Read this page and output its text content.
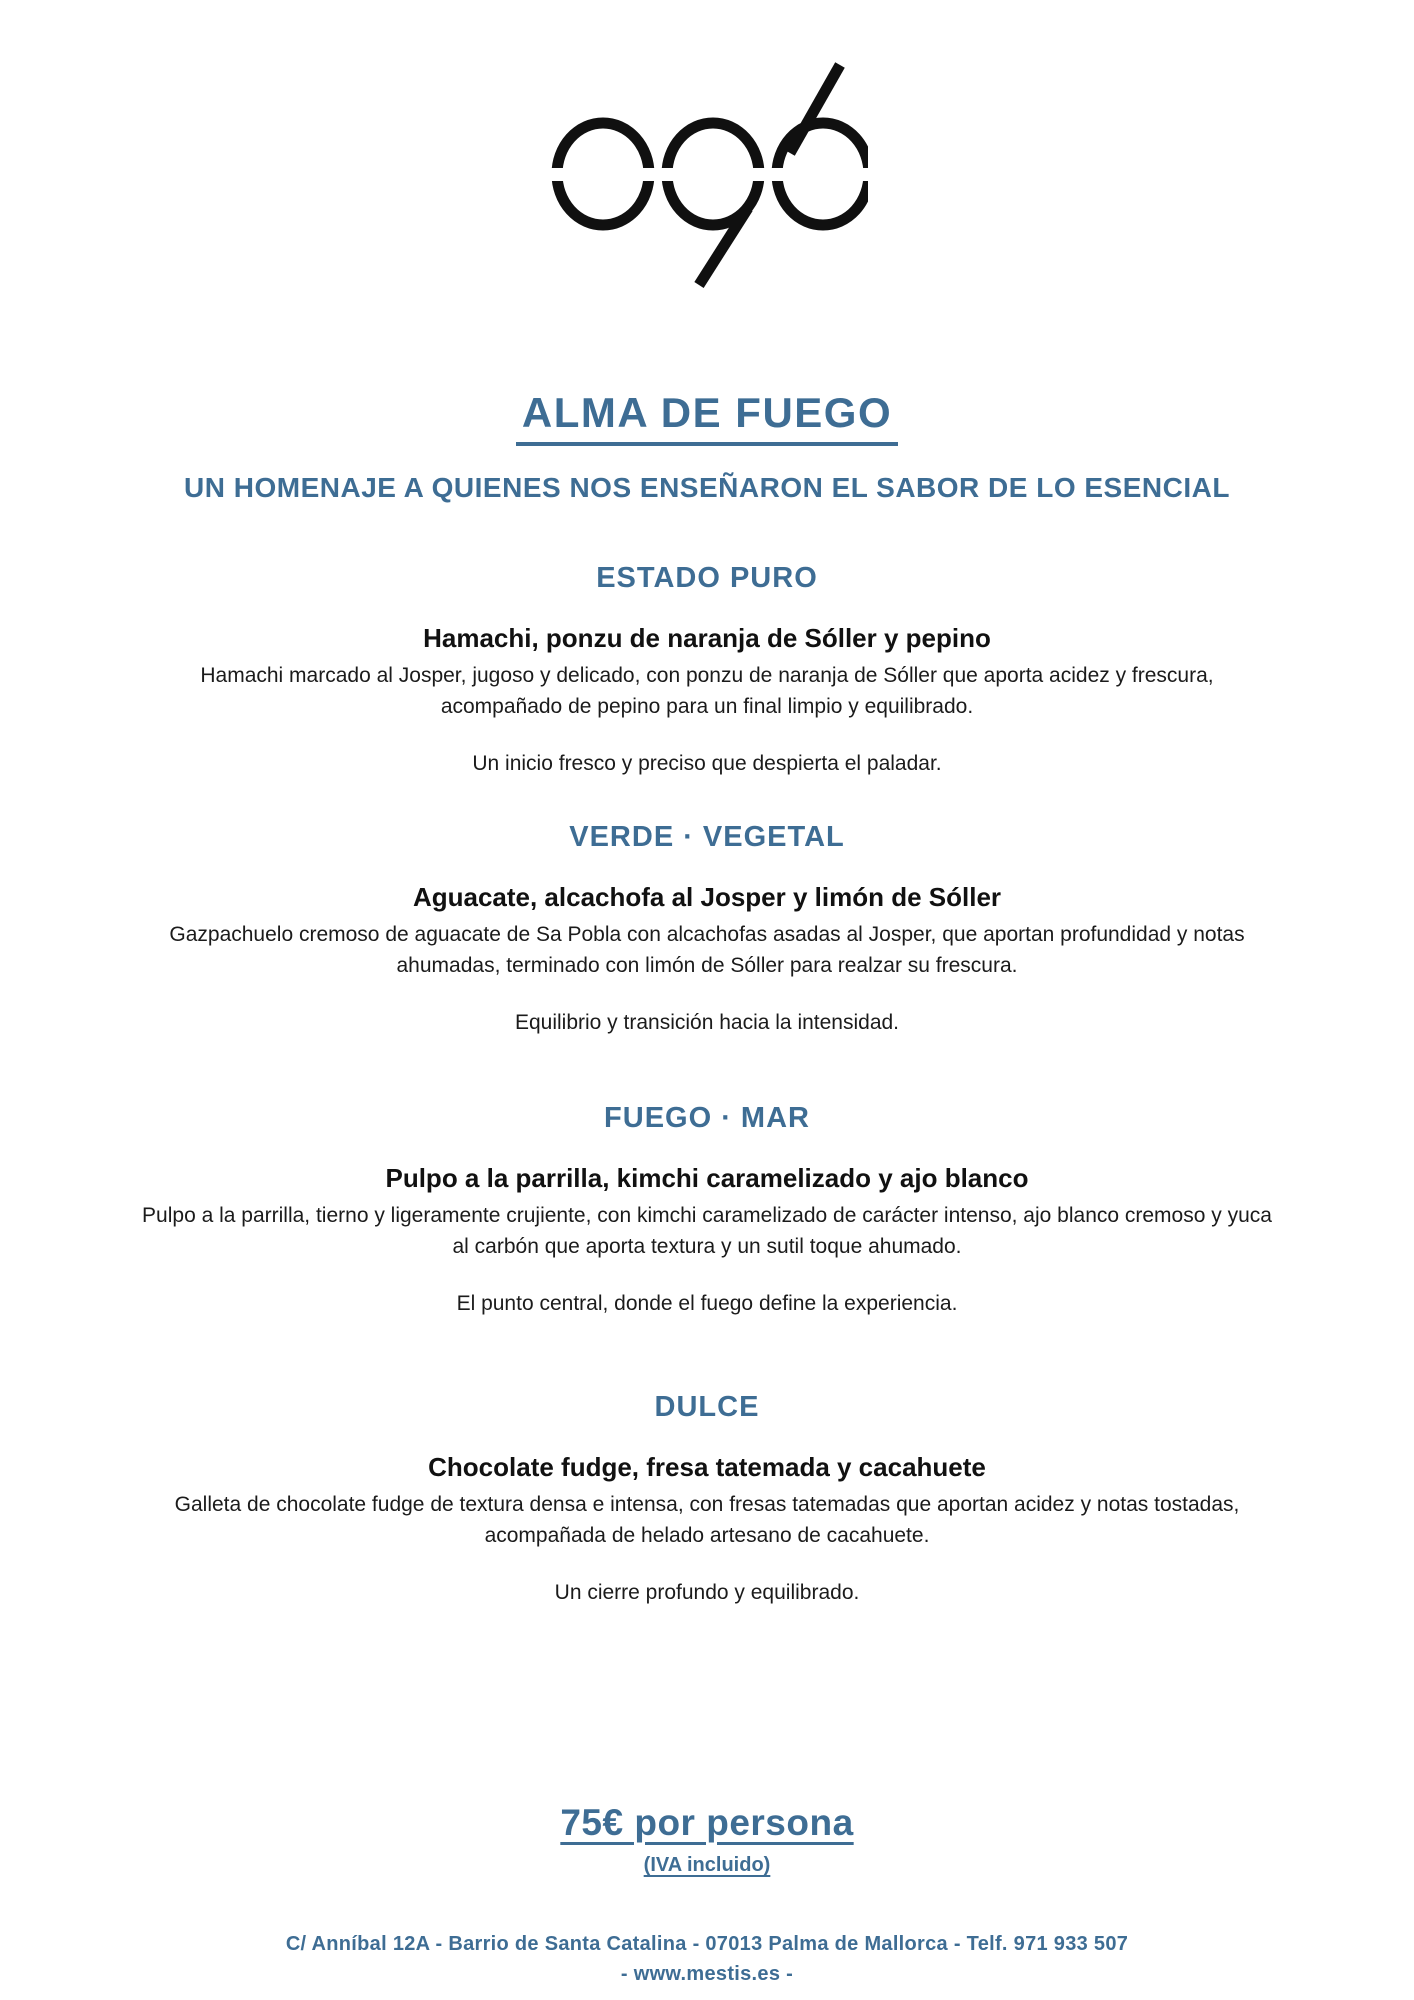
ALMA DE FUEGO
UN HOMENAJE A QUIENES NOS ENSEÑARON EL SABOR DE LO ESENCIAL
ESTADO PURO
Hamachi, ponzu de naranja de Sóller y pepino
Hamachi marcado al Josper, jugoso y delicado, con ponzu de naranja de Sóller que aporta acidez y frescura, acompañado de pepino para un final limpio y equilibrado.
Un inicio fresco y preciso que despierta el paladar.
VERDE · VEGETAL
Aguacate, alcachofa al Josper y limón de Sóller
Gazpachuelo cremoso de aguacate de Sa Pobla con alcachofas asadas al Josper, que aportan profundidad y notas ahumadas, terminado con limón de Sóller para realzar su frescura.
Equilibrio y transición hacia la intensidad.
FUEGO · MAR
Pulpo a la parrilla, kimchi caramelizado y ajo blanco
Pulpo a la parrilla, tierno y ligeramente crujiente, con kimchi caramelizado de carácter intenso, ajo blanco cremoso y yuca al carbón que aporta textura y un sutil toque ahumado.
El punto central, donde el fuego define la experiencia.
DULCE
Chocolate fudge, fresa tatemada y cacahuete
Galleta de chocolate fudge de textura densa e intensa, con fresas tatemadas que aportan acidez y notas tostadas, acompañada de helado artesano de cacahuete.
Un cierre profundo y equilibrado.
75€ por persona
(IVA incluido)
C/ Anníbal 12A - Barrio de Santa Catalina - 07013 Palma de Mallorca - Telf. 971 933 507
- www.mestis.es -
